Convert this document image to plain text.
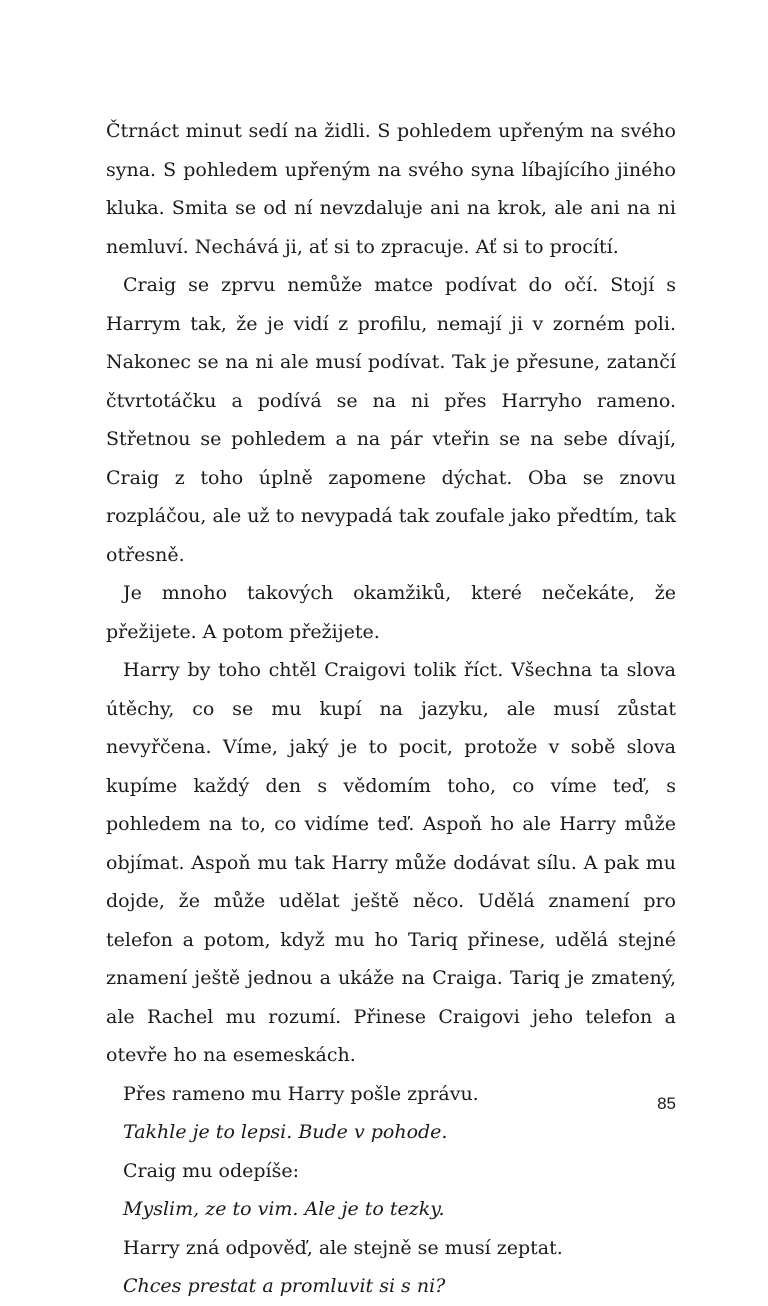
Čtrnáct minut sedí na židli. S pohledem upřeným na svého syna. S pohledem upřeným na svého syna líbajícího jiného kluka. Smita se od ní nevzdaluje ani na krok, ale ani na ni nemluví. Nechává ji, ať si to zpracuje. Ať si to procítí.

Craig se zprvu nemůže matce podívat do očí. Stojí s Harrym tak, že je vidí z profilu, nemají ji v zorném poli. Nakonec se na ni ale musí podívat. Tak je přesune, zatančí čtvrtotáčku a podívá se na ni přes Harryho rameno. Střetnou se pohledem a na pár vteřin se na sebe dívají, Craig z toho úplně zapomene dýchat. Oba se znovu rozpláčou, ale už to nevypadá tak zoufale jako předtím, tak otřesně.

Je mnoho takových okamžiků, které nečekáte, že přežijete. A potom přežijete.

Harry by toho chtěl Craigovi tolik říct. Všechna ta slova útěchy, co se mu kupí na jazyku, ale musí zůstat nevyřčena. Víme, jaký je to pocit, protože v sobě slova kupíme každý den s vědomím toho, co víme teď, s pohledem na to, co vidíme teď. Aspoň ho ale Harry může objímat. Aspoň mu tak Harry může dodávat sílu. A pak mu dojde, že může udělat ještě něco. Udělá znamení pro telefon a potom, když mu ho Tariq přinese, udělá stejné znamení ještě jednou a ukáže na Craiga. Tariq je zmatený, ale Rachel mu rozumí. Přinese Craigovi jeho telefon a otevře ho na esemeskách.

Přes rameno mu Harry pošle zprávu.

Takhle je to lepsi. Bude v pohode.

Craig mu odepíše:

Myslim, ze to vim. Ale je to tezky.

Harry zná odpověď, ale stejně se musí zeptat.

Chces prestat a promluvit si s ni?

85
